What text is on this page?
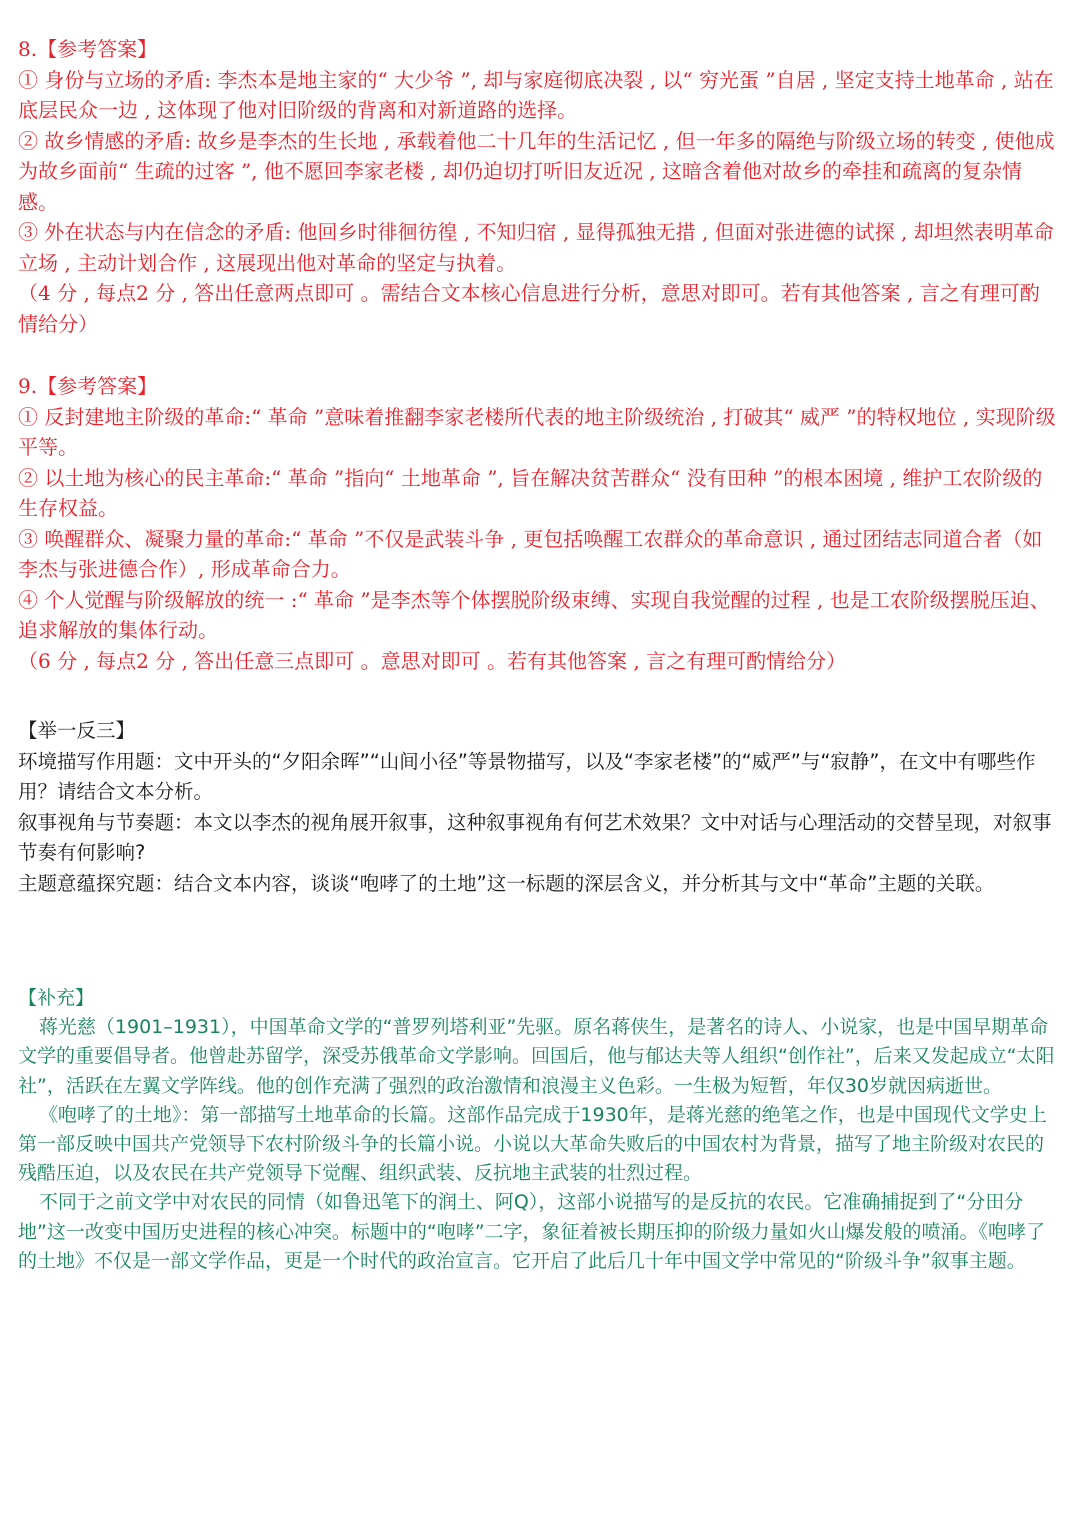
8.【参考答案】

① 身份与立场的矛盾: 李杰本是地主家的“ 大少爷 ”, 却与家庭彻底决裂 , 以“ 穷光蛋 ”自居 , 坚定支持土地革命 , 站在底层民众一边 , 这体现了他对旧阶级的背离和对新道路的选择。

② 故乡情感的矛盾: 故乡是李杰的生长地 , 承载着他二十几年的生活记忆 , 但一年多的隔绝与阶级立场的转变 , 使他成为故乡面前“ 生疏的过客 ”, 他不愿回李家老楼 , 却仍迫切打听旧友近况 , 这暗含着他对故乡的牵挂和疏离的复杂情感。

③ 外在状态与内在信念的矛盾: 他回乡时徘徊彷徨 , 不知归宿 , 显得孤独无措 , 但面对张进德的试探 , 却坦然表明革命立场 , 主动计划合作 , 这展现出他对革命的坚定与执着。

（4 分 , 每点2 分 , 答出任意两点即可 。需结合文本核心信息进行分析，意思对即可。若有其他答案 , 言之有理可酌情给分）

9.【参考答案】

① 反封建地主阶级的革命:“ 革命 ”意味着推翻李家老楼所代表的地主阶级统治 , 打破其“ 威严 ”的特权地位 , 实现阶级平等。

② 以土地为核心的民主革命:“ 革命 ”指向“ 土地革命 ”, 旨在解决贫苦群众“ 没有田种 ”的根本困境 , 维护工农阶级的生存权益。

③ 唤醒群众、凝聚力量的革命:“ 革命 ”不仅是武装斗争 , 更包括唤醒工农群众的革命意识 , 通过团结志同道合者（如李杰与张进德合作）, 形成革命合力。

④ 个人觉醒与阶级解放的统一 :“ 革命 ”是李杰等个体摆脱阶级束缚、实现自我觉醒的过程 , 也是工农阶级摆脱压迫、追求解放的集体行动。

（6 分 , 每点2 分 , 答出任意三点即可 。意思对即可 。若有其他答案 , 言之有理可酌情给分）

【举一反三】

环境描写作用题：文中开头的“夕阳余晖”“山间小径”等景物描写，以及“李家老楼”的“威严”与“寂静”，在文中有哪些作用？请结合文本分析。

叙事视角与节奏题：本文以李杰的视角展开叙事，这种叙事视角有何艺术效果？文中对话与心理活动的交替呈现，对叙事节奏有何影响?

主题意蕴探究题：结合文本内容，谈谈“咆哮了的土地”这一标题的深层含义，并分析其与文中“革命”主题的关联。

【补充】

蒋光慈（1901–1931），中国革命文学的“普罗列塔利亚”先驱。原名蒋侠生，是著名的诗人、小说家，也是中国早期革命文学的重要倡导者。他曾赴苏留学，深受苏俄革命文学影响。回国后，他与郁达夫等人组织“创作社”，后来又发起成立“太阳社”，活跃在左翼文学阵线。他的创作充满了强烈的政治激情和浪漫主义色彩。一生极为短暂，年仅30岁就因病逝世。

《咆哮了的土地》：第一部描写土地革命的长篇。这部作品完成于1930年，是蒋光慈的绝笔之作，也是中国现代文学史上第一部反映中国共产党领导下农村阶级斗争的长篇小说。小说以大革命失败后的中国农村为背景，描写了地主阶级对农民的残酷压迫，以及农民在共产党领导下觉醒、组织武装、反抗地主武装的壮烈过程。

不同于之前文学中对农民的同情（如鲁迅笔下的润土、阿Q），这部小说描写的是反抗的农民。它准确捕捉到了“分田分地”这一改变中国历史进程的核心冲突。标题中的“咆哮”二字，象征着被长期压抑的阶级力量如火山爆发般的喷涌。《咆哮了的土地》不仅是一部文学作品，更是一个时代的政治宣言。它开启了此后几十年中国文学中常见的“阶级斗争”叙事主题。
